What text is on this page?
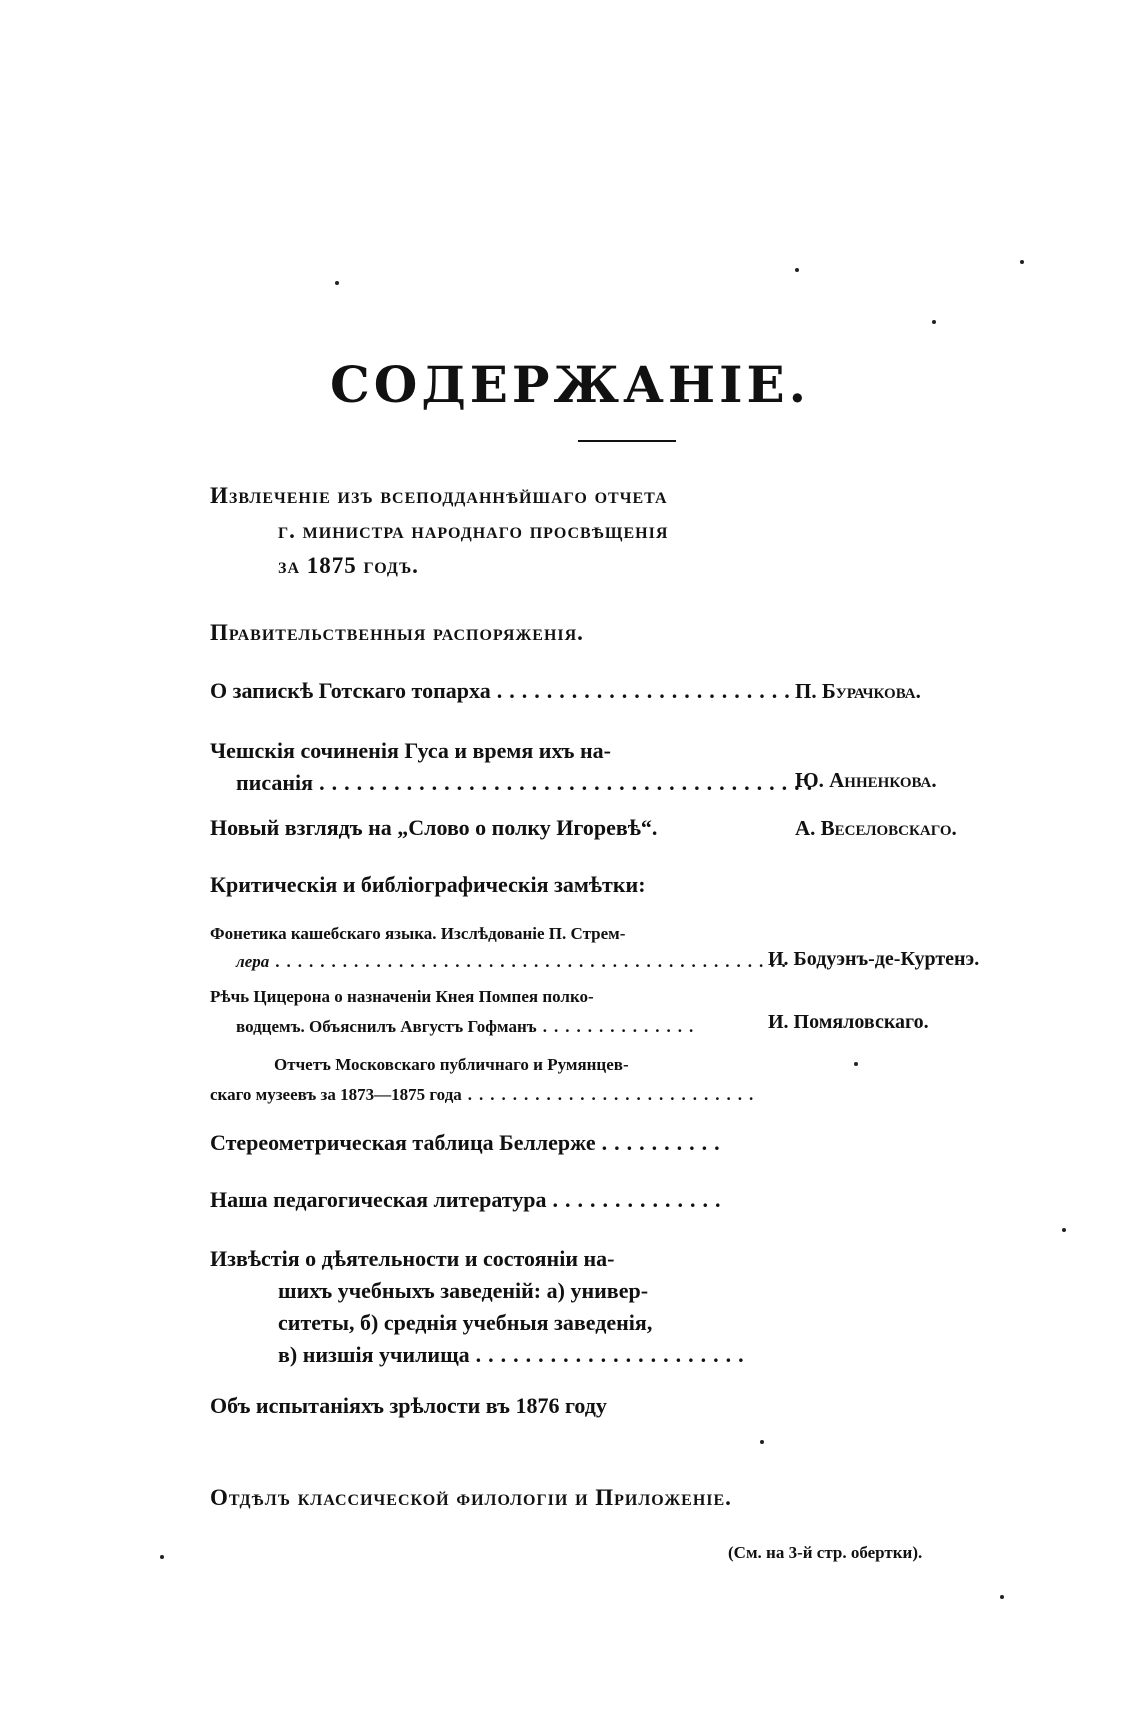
СОДЕРЖАНІЕ.
Извлеченіе изъ всеподданнѣйшаго отчета
г. министра народнаго просвѣщенія
за 1875 годъ.
Правительственныя распоряженія.
О запискѣ Готскаго топарха ........................
П. Бурачкова.
Чешскія сочиненія Гуса и время ихъ на-
писанія ........................................
Ю. Анненкова.
Новый взглядъ на „Слово о полку Игоревѣ“.	А. Веселовскаго.
Критическія и библіографическія замѣтки:
Фонетика кашебскаго языка. Изслѣдованіе П. Стрем-
лера ..............................................
И. Бодуэнъ-де-Куртенэ.
Рѣчь Цицерона о назначеніи Кнея Помпея полко-
водцемъ. Объяснилъ Августъ Гофманъ ..............	И. Помяловскаго.
Отчетъ Московскаго публичнаго и Румянцев-
скаго музеевъ за 1873—1875 года ..........................
Стереометрическая таблица Беллерже ..........
Наша педагогическая литература ..............
Извѣстія о дѣятельности и состояніи на-
шихъ учебныхъ заведеній: а) универ-
ситеты, б) среднія учебныя заведенія,
в) низшія училища ......................
Объ испытаніяхъ зрѣлости въ 1876 году
Отдѣлъ классической филологіи и Приложеніе.
(См. на 3-й стр. обертки).
